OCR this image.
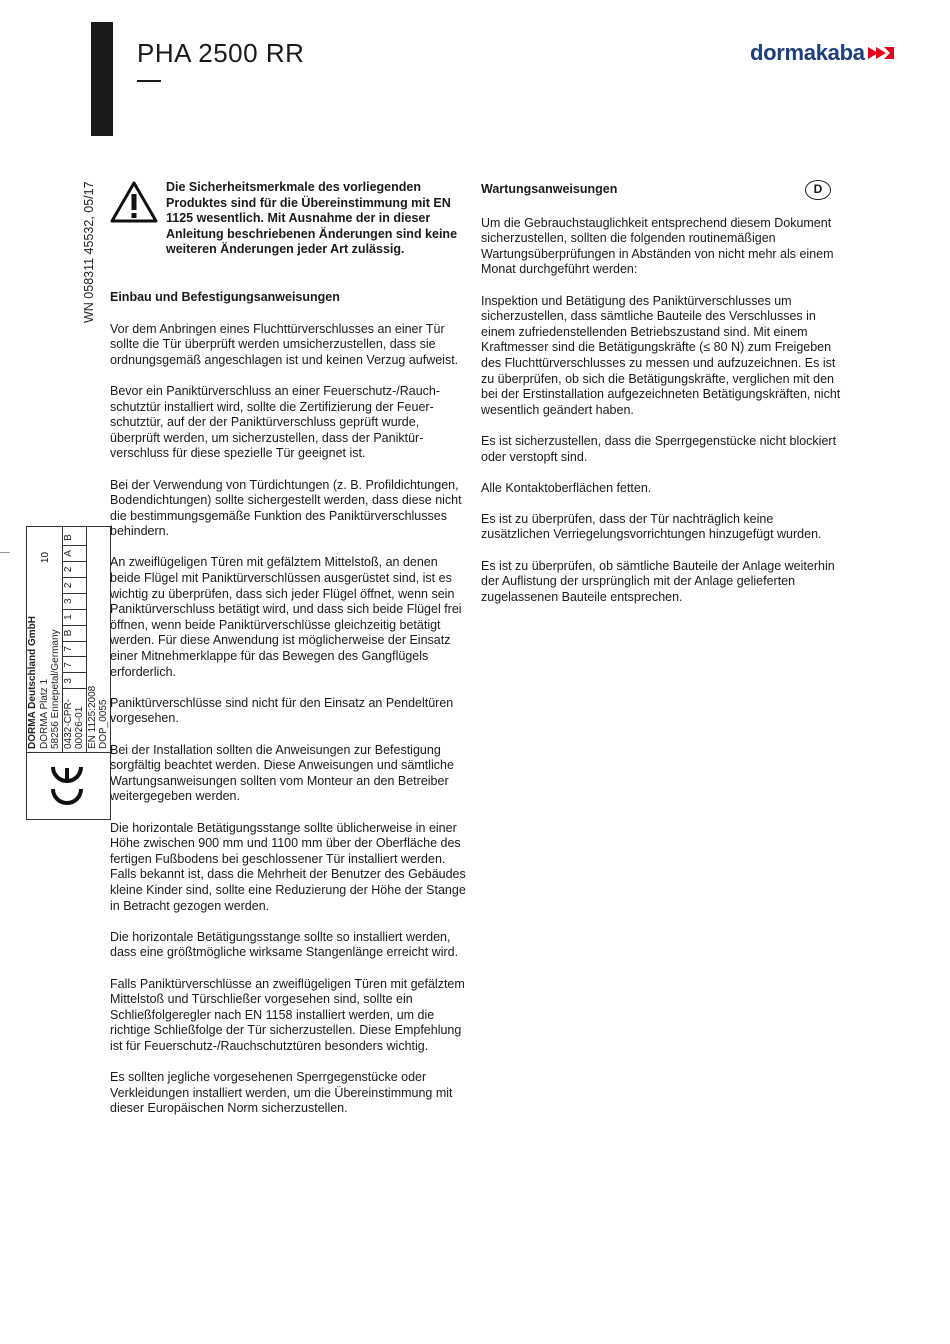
PHA 2500 RR	dormakaba
WN 058311 45532, 05/17

DORMA Deutschland GmbH DORMA Platz 1 58256 Ennepetal/Germany

0432-CPR-00026-01
3
7
7
B
1
3
2
2
A
B

EN 1125:2008 DOP_0055
10
Die Sicherheitsmerkmale des vorliegenden Produktes sind für die Übereinstimmung mit EN 1125 wesentlich. Mit Ausnahme der in dieser Anleitung beschriebenen Änderungen sind keine weiteren Änderungen jeder Art zulässig.
Einbau und Befestigungsanweisungen

Vor dem Anbringen eines Fluchttürverschlusses an einer Tür sollte die Tür überprüft werden umsicherzustellen, dass sie ordnungsgemäß angeschlagen ist und keinen Verzug aufweist.

Bevor ein Paniktürverschluss an einer Feuerschutz-/Rauchschutztür installiert wird, sollte die Zertifizierung der Feuerschutztür, auf der der Paniktürverschluss geprüft wurde, überprüft werden, um sicherzustellen, dass der Paniktürverschluss für diese spezielle Tür geeignet ist.

Bei der Verwendung von Türdichtungen (z. B. Profildichtungen, Bodendichtungen) sollte sichergestellt werden, dass diese nicht die bestimmungsgemäße Funktion des Paniktürverschlusses behindern.

An zweiflügeligen Türen mit gefälztem Mittelstoß, an denen beide Flügel mit Paniktürverschlüssen ausgerüstet sind, ist es wichtig zu überprüfen, dass sich jeder Flügel öffnet, wenn sein Paniktürverschluss betätigt wird, und dass sich beide Flügel frei öffnen, wenn beide Paniktürverschlüsse gleichzeitig betätigt werden. Für diese Anwendung ist möglicherweise der Einsatz einer Mitnehmerklappe für das Bewegen des Gangflügels erforderlich.

Paniktürverschlüsse sind nicht für den Einsatz an Pendeltüren vorgesehen.

Bei der Installation sollten die Anweisungen zur Befestigung sorgfältig beachtet werden. Diese Anweisungen und sämtliche Wartungsanweisungen sollten vom Monteur an den Betreiber weitergegeben werden.

Die horizontale Betätigungsstange sollte üblicherweise in einer Höhe zwischen 900 mm und 1100 mm über der Oberfläche des fertigen Fußbodens bei geschlossener Tür installiert werden. Falls bekannt ist, dass die Mehrheit der Benutzer des Gebäudes kleine Kinder sind, sollte eine Reduzierung der Höhe der Stange in Betracht gezogen werden.

Die horizontale Betätigungsstange sollte so installiert werden, dass eine größtmögliche wirksame Stangenlänge erreicht wird.

Falls Paniktürverschlüsse an zweiflügeligen Türen mit gefälztem Mittelstoß und Türschließer vorgesehen sind, sollte ein Schließfolgeregler nach EN 1158 installiert werden, um die richtige Schließfolge der Tür sicherzustellen. Diese Empfehlung ist für Feuerschutz-/Rauchschutztüren besonders wichtig.

Es sollten jegliche vorgesehenen Sperrgegenstücke oder Verkleidungen installiert werden, um die Übereinstimmung mit dieser Europäischen Norm sicherzustellen.

Wartungsanweisungen	D

Um die Gebrauchstauglichkeit entsprechend diesem Dokument sicherzustellen, sollten die folgenden routinemäßigen Wartungsüberprüfungen in Abständen von nicht mehr als einem Monat durchgeführt werden:

Inspektion und Betätigung des Paniktürverschlusses um sicherzustellen, dass sämtliche Bauteile des Verschlusses in einem zufriedenstellenden Betriebszustand sind. Mit einem Kraftmesser sind die Betätigungskräfte (≤ 80 N) zum Freigeben des Fluchttürverschlusses zu messen und aufzuzeichnen. Es ist zu überprüfen, ob sich die Betätigungskräfte, verglichen mit den bei der Erstinstallation aufgezeichneten Betätigungskräften, nicht wesentlich geändert haben.

Es ist sicherzustellen, dass die Sperrgegenstücke nicht blockiert oder verstopft sind.

Alle Kontaktoberflächen fetten.

Es ist zu überprüfen, dass der Tür nachträglich keine zusätzlichen Verriegelungsvorrichtungen hinzugefügt wurden.

Es ist zu überprüfen, ob sämtliche Bauteile der Anlage weiterhin der Auflistung der ursprünglich mit der Anlage gelieferten zugelassenen Bauteile entsprechen.
